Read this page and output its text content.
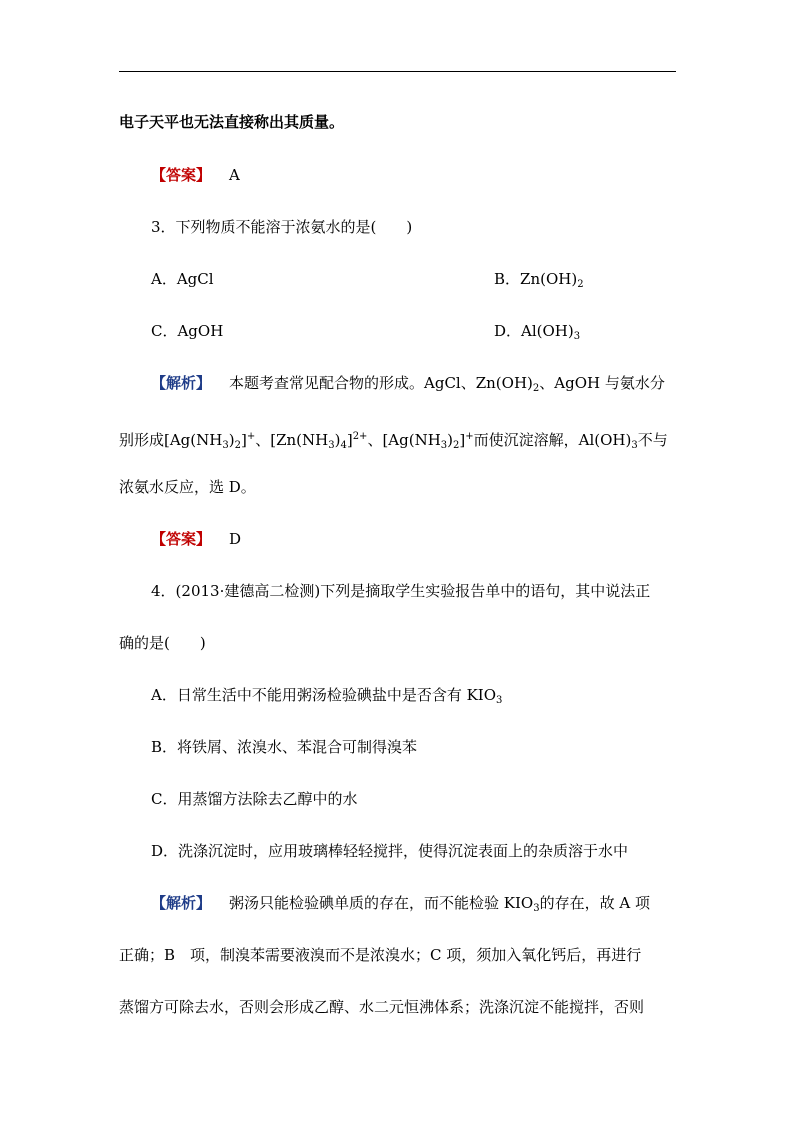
电子天平也无法直接称出其质量。
【答案】 A
3．下列物质不能溶于浓氨水的是(　　)
A．AgCl	B．$Zn(OH)_2$
C．AgOH	D．$Al(OH)_3$
【解析】 本题考查常见配合物的形成。AgCl、$Zn(OH)_2$、AgOH 与氨水分
别形成$[Ag(NH_3)_2]^+$、$[Zn(NH_3)_4]^{2+}$、$[Ag(NH_3)_2]^+$而使沉淀溶解，$Al(OH)_3$不与
浓氨水反应，选 D。
【答案】 D
4．(2013·建德高二检测)下列是摘取学生实验报告单中的语句，其中说法正
确的是(　　)
A．日常生活中不能用粥汤检验碘盐中是否含有 $KIO_3$
B．将铁屑、浓溴水、苯混合可制得溴苯
C．用蒸馏方法除去乙醇中的水
D．洗涤沉淀时，应用玻璃棒轻轻搅拌，使得沉淀表面上的杂质溶于水中
【解析】 粥汤只能检验碘单质的存在，而不能检验 $KIO_3$的存在，故 A 项
正确；B　项，制溴苯需要液溴而不是浓溴水；C 项，须加入氧化钙后，再进行
蒸馏方可除去水，否则会形成乙醇、水二元恒沸体系；洗涤沉淀不能搅拌，否则
